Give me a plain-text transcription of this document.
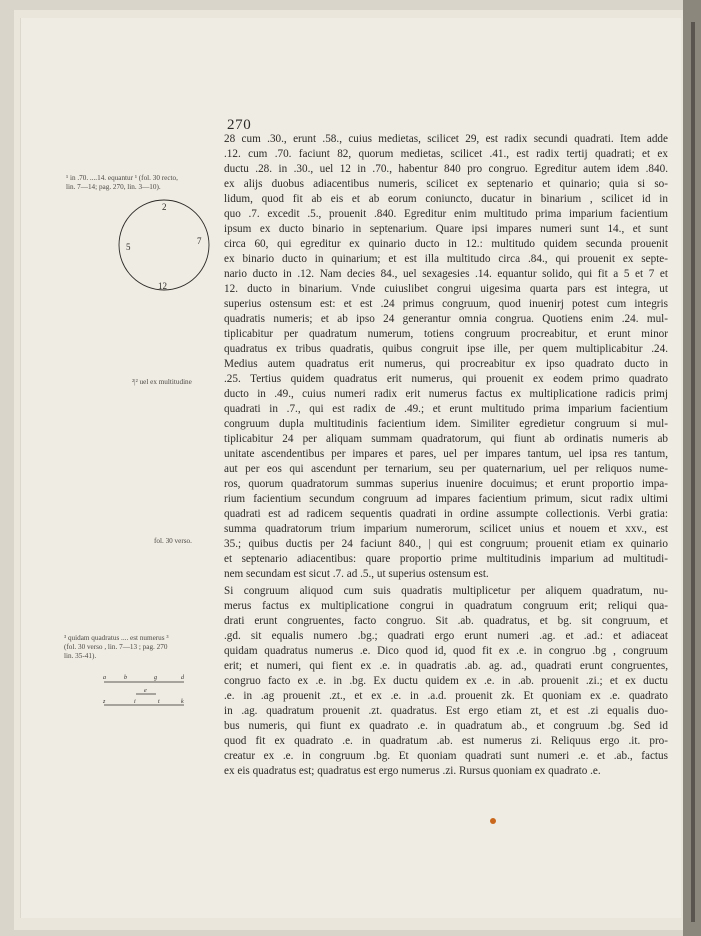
270
¹ in .70. ....14. equantur ¹ (fol. 30 recto,
lin. 7—14; pag. 270, lin. 3—10).
2
5
7
12
²|² uel ex multitudine
fol. 30 verso.
³ quidam quadratus .... est numerus ³
(fol. 30 verso , lin. 7—13 ; pag. 270
lin. 35-41).
a	b	g	d
e
z	i	t	k
28 cum .30., erunt .58., cuius medietas, scilicet 29, est radix secundi quadrati. Item adde
.12. cum .70. faciunt 82, quorum medietas, scilicet .41., est radix tertij quadrati; et ex
ductu .28. in .30., uel 12 in .70., habentur 840 pro congruo. Egreditur autem idem .840.
ex alijs duobus adiacentibus numeris, scilicet ex septenario et quinario; quia si so-
lidum, quod fit ab eis et ab eorum coniuncto, ducatur in binarium , scilicet id in
quo .7. excedit .5., prouenit .840. Egreditur enim multitudo prima imparium facientium
ipsum ex ducto binario in septenarium. Quare ipsi impares numeri sunt 14., et sunt
circa 60, qui egreditur ex quinario ducto in 12.: multitudo quidem secunda prouenit
ex binario ducto in quinarium; et est illa multitudo circa .84., qui prouenit ex septe-
nario ducto in .12. Nam decies 84., uel sexagesies .14. equantur solido, qui fit a 5 et 7 et
12. ducto in binarium. Vnde cuiuslibet congrui uigesima quarta pars est integra, ut
superius ostensum est: et est .24 primus congruum, quod inuenirj potest cum integris
quadratis numeris; et ab ipso 24 generantur omnia congrua. Quotiens enim .24. mul-
tiplicabitur per quadratum numerum, totiens congruum procreabitur, et erunt minor
quadratus ex tribus quadratis, quibus congruit ipse ille, per quem multiplicabitur .24.
Medius autem quadratus erit numerus, qui procreabitur ex ipso quadrato ducto in
.25. Tertius quidem quadratus erit numerus, qui prouenit ex eodem primo quadrato
ducto in .49., cuius numeri radix erit numerus factus ex multiplicatione radicis primj
quadrati in .7., qui est radix de .49.; et erunt multitudo prima imparium facientium
congruum dupla multitudinis facientium idem. Similiter egredietur congruum si mul-
tiplicabitur 24 per aliquam summam quadratorum, qui fiunt ab ordinatis numeris ab
unitate ascendentibus per impares et pares, uel per impares tantum, uel ipsa res tantum,
aut per eos qui ascendunt per ternarium, seu per quaternarium, uel per reliquos nume-
ros, quorum quadratorum summas superius inuenire docuimus; et erunt proportio impa-
rium facientium secundum congruum ad impares facientium primum, sicut radix ultimi
quadrati est ad radicem sequentis quadrati in ordine assumpte collectionis. Verbi gratia:
summa quadratorum trium imparium numerorum, scilicet unius et nouem et xxv., est
35.; quibus ductis per 24 faciunt 840., | qui est congruum; prouenit etiam ex quinario
et septenario adiacentibus: quare proportio prime multitudinis imparium ad multitudi-
nem secundam est sicut .7. ad .5., ut superius ostensum est.
Si congruum aliquod cum suis quadratis multiplicetur per aliquem quadratum, nu-
merus factus ex multiplicatione congrui in quadratum congruum erit; reliqui qua-
drati erunt congruentes, facto congruo. Sit .ab. quadratus, et bg. sit congruum, et
.gd. sit equalis numero .bg.; quadrati ergo erunt numeri .ag. et .ad.: et adiaceat
quidam quadratus numerus .e. Dico quod id, quod fit ex .e. in congruo .bg , congruum
erit; et numeri, qui fient ex .e. in quadratis .ab. ag. ad., quadrati erunt congruentes,
congruo facto ex .e. in .bg. Ex ductu quidem ex .e. in .ab. prouenit .zi.; et ex ductu
.e. in .ag prouenit .zt., et ex .e. in .a.d. prouenit zk. Et quoniam ex .e. quadrato
in .ag. quadratum prouenit .zt. quadratus. Est ergo etiam zt, et est .zi equalis duo-
bus numeris, qui fiunt ex quadrato .e. in quadratum ab., et congruum .bg. Sed id
quod fit ex quadrato .e. in quadratum .ab. est numerus zi. Reliquus ergo .it. pro-
creatur ex .e. in congruum .bg. Et quoniam quadrati sunt numeri .e. et .ab., factus
ex eis quadratus est; quadratus est ergo numerus .zi. Rursus quoniam ex quadrato .e.
